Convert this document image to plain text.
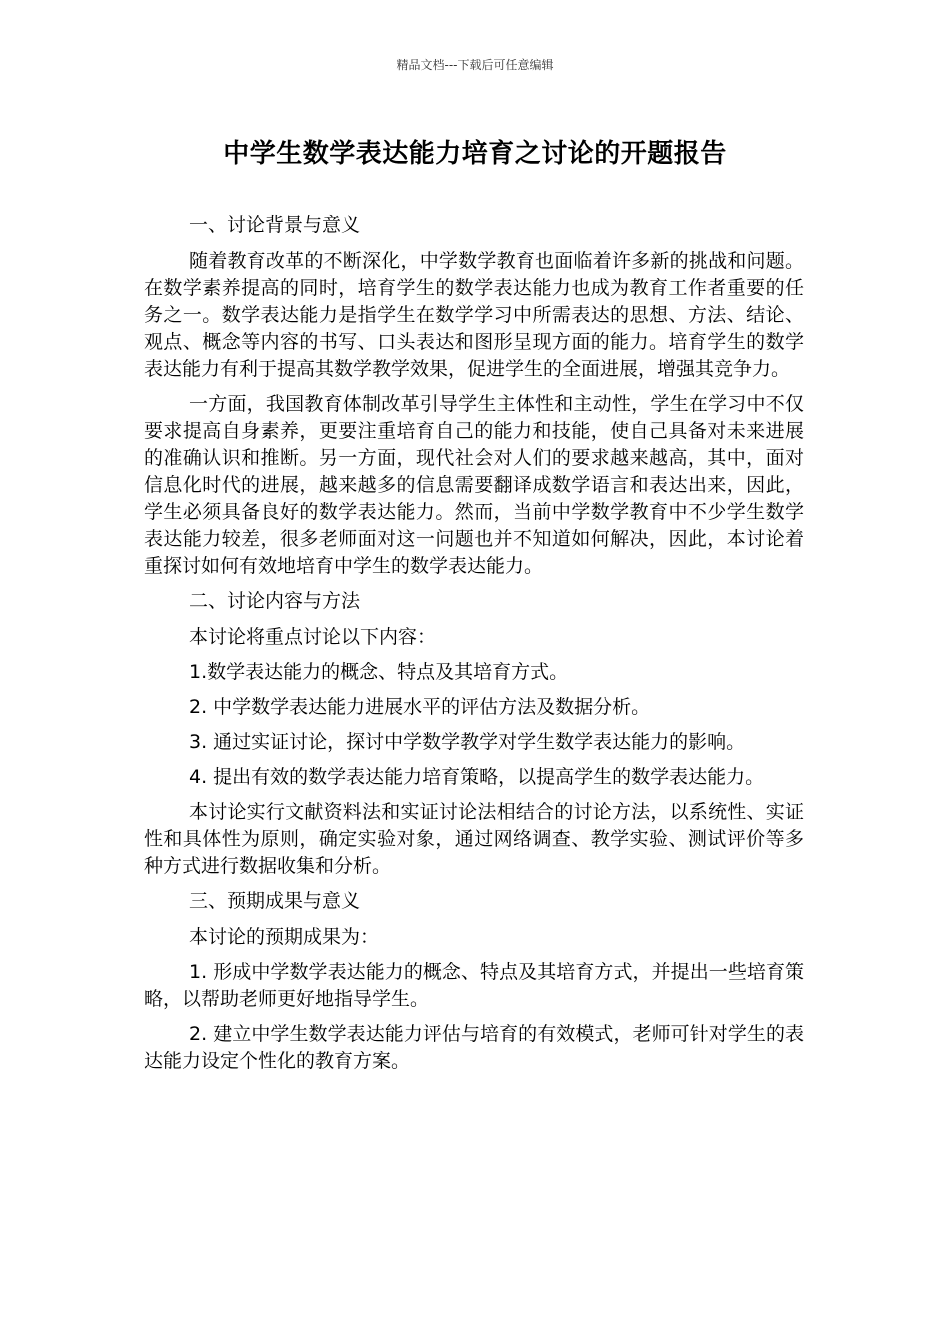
精品文档---下载后可任意编辑
中学生数学表达能力培育之讨论的开题报告

一、讨论背景与意义

随着教育改革的不断深化，中学数学教育也面临着许多新的挑战和问题。在数学素养提高的同时，培育学生的数学表达能力也成为教育工作者重要的任务之一。数学表达能力是指学生在数学学习中所需表达的思想、方法、结论、观点、概念等内容的书写、口头表达和图形呈现方面的能力。培育学生的数学表达能力有利于提高其数学教学效果，促进学生的全面进展，增强其竞争力。

一方面，我国教育体制改革引导学生主体性和主动性，学生在学习中不仅要求提高自身素养，更要注重培育自己的能力和技能，使自己具备对未来进展的准确认识和推断。另一方面，现代社会对人们的要求越来越高，其中，面对信息化时代的进展，越来越多的信息需要翻译成数学语言和表达出来，因此，学生必须具备良好的数学表达能力。然而，当前中学数学教育中不少学生数学表达能力较差，很多老师面对这一问题也并不知道如何解决，因此，本讨论着重探讨如何有效地培育中学生的数学表达能力。

二、讨论内容与方法

本讨论将重点讨论以下内容：

1.数学表达能力的概念、特点及其培育方式。

2. 中学数学表达能力进展水平的评估方法及数据分析。

3. 通过实证讨论，探讨中学数学教学对学生数学表达能力的影响。

4. 提出有效的数学表达能力培育策略，以提高学生的数学表达能力。

本讨论实行文献资料法和实证讨论法相结合的讨论方法，以系统性、实证性和具体性为原则，确定实验对象，通过网络调查、教学实验、测试评价等多种方式进行数据收集和分析。

三、预期成果与意义

本讨论的预期成果为：

1. 形成中学数学表达能力的概念、特点及其培育方式，并提出一些培育策略，以帮助老师更好地指导学生。

2. 建立中学生数学表达能力评估与培育的有效模式，老师可针对学生的表达能力设定个性化的教育方案。
